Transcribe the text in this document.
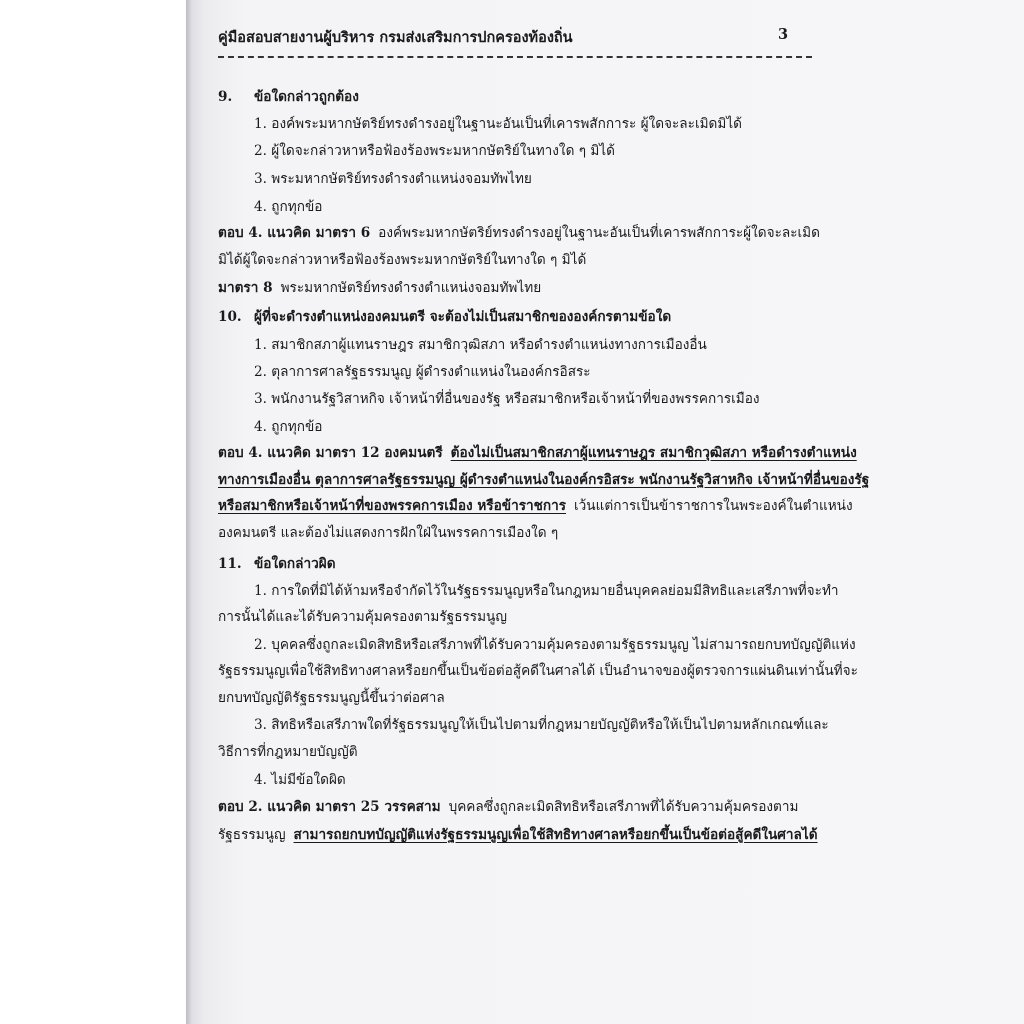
คู่มือสอบสายงานผู้บริหาร กรมส่งเสริมการปกครองท้องถิ่น	3
9. ข้อใดกล่าวถูกต้อง
1. องค์พระมหากษัตริย์ทรงดำรงอยู่ในฐานะอันเป็นที่เคารพสักการะ ผู้ใดจะละเมิดมิได้
2. ผู้ใดจะกล่าวหาหรือฟ้องร้องพระมหากษัตริย์ในทางใด ๆ มิได้
3. พระมหากษัตริย์ทรงดำรงตำแหน่งจอมทัพไทย
4. ถูกทุกข้อ
ตอบ 4. แนวคิด มาตรา 6 องค์พระมหากษัตริย์ทรงดำรงอยู่ในฐานะอันเป็นที่เคารพสักการะผู้ใดจะละเมิด
มิได้ผู้ใดจะกล่าวหาหรือฟ้องร้องพระมหากษัตริย์ในทางใด ๆ มิได้
มาตรา 8 พระมหากษัตริย์ทรงดำรงตำแหน่งจอมทัพไทย
10. ผู้ที่จะดำรงตำแหน่งองคมนตรี จะต้องไม่เป็นสมาชิกขององค์กรตามข้อใด
1. สมาชิกสภาผู้แทนราษฎร สมาชิกวุฒิสภา หรือดำรงตำแหน่งทางการเมืองอื่น
2. ตุลาการศาลรัฐธรรมนูญ ผู้ดำรงตำแหน่งในองค์กรอิสระ
3. พนักงานรัฐวิสาหกิจ เจ้าหน้าที่อื่นของรัฐ หรือสมาชิกหรือเจ้าหน้าที่ของพรรคการเมือง
4. ถูกทุกข้อ
ตอบ 4. แนวคิด มาตรา 12 องคมนตรี ต้องไม่เป็นสมาชิกสภาผู้แทนราษฎร สมาชิกวุฒิสภา หรือดำรงตำแหน่ง
ทางการเมืองอื่น ตุลาการศาลรัฐธรรมนูญ ผู้ดำรงตำแหน่งในองค์กรอิสระ พนักงานรัฐวิสาหกิจ เจ้าหน้าที่อื่นของรัฐ
หรือสมาชิกหรือเจ้าหน้าที่ของพรรคการเมือง หรือข้าราชการ เว้นแต่การเป็นข้าราชการในพระองค์ในตำแหน่ง
องคมนตรี และต้องไม่แสดงการฝักใฝ่ในพรรคการเมืองใด ๆ
11. ข้อใดกล่าวผิด
1. การใดที่มิได้ห้ามหรือจำกัดไว้ในรัฐธรรมนูญหรือในกฎหมายอื่นบุคคลย่อมมีสิทธิและเสรีภาพที่จะทำ
การนั้นได้และได้รับความคุ้มครองตามรัฐธรรมนูญ
2. บุคคลซึ่งถูกละเมิดสิทธิหรือเสรีภาพที่ได้รับความคุ้มครองตามรัฐธรรมนูญ ไม่สามารถยกบทบัญญัติแห่ง
รัฐธรรมนูญเพื่อใช้สิทธิทางศาลหรือยกขึ้นเป็นข้อต่อสู้คดีในศาลได้ เป็นอำนาจของผู้ตรวจการแผ่นดินเท่านั้นที่จะ
ยกบทบัญญัติรัฐธรรมนูญนี้ขึ้นว่าต่อศาล
3. สิทธิหรือเสรีภาพใดที่รัฐธรรมนูญให้เป็นไปตามที่กฎหมายบัญญัติหรือให้เป็นไปตามหลักเกณฑ์และ
วิธีการที่กฎหมายบัญญัติ
4. ไม่มีข้อใดผิด
ตอบ 2. แนวคิด มาตรา 25 วรรคสาม บุคคลซึ่งถูกละเมิดสิทธิหรือเสรีภาพที่ได้รับความคุ้มครองตาม
รัฐธรรมนูญ สามารถยกบทบัญญัติแห่งรัฐธรรมนูญเพื่อใช้สิทธิทางศาลหรือยกขึ้นเป็นข้อต่อสู้คดีในศาลได้
